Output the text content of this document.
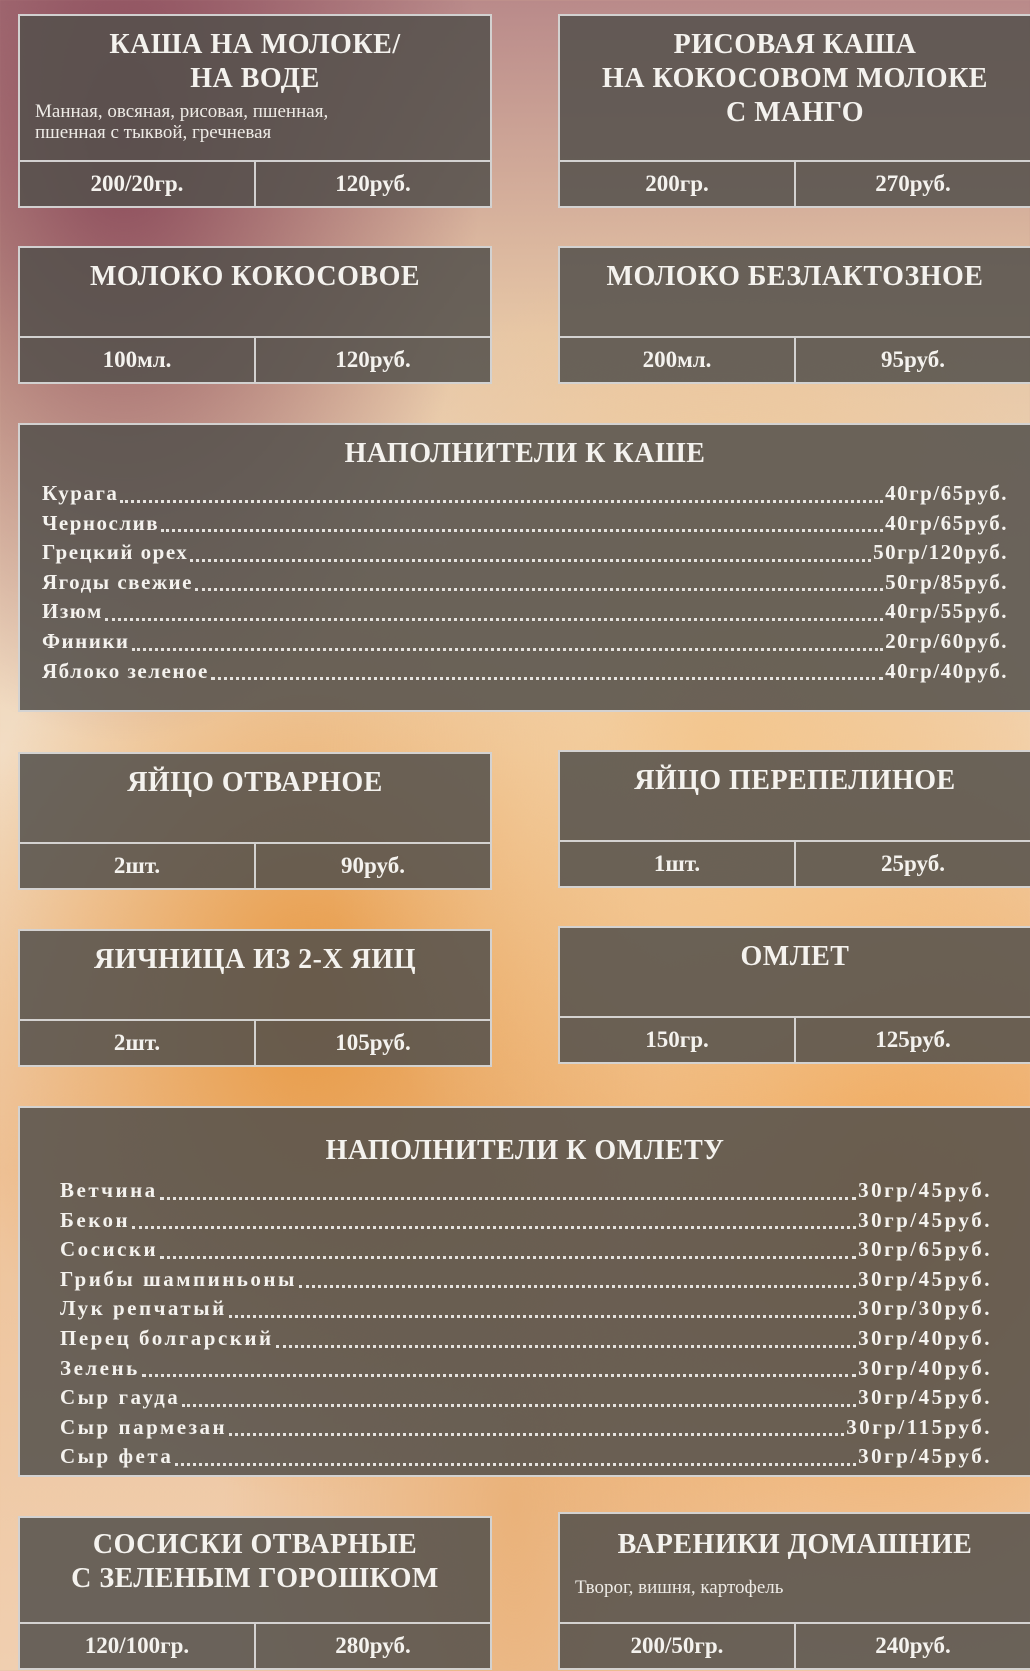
КАША НА МОЛОКЕ/
НА ВОДЕ
Манная, овсяная, рисовая, пшенная,
пшенная с тыквой, гречневая
200/20гр.	120руб.
РИСОВАЯ КАША
НА КОКОСОВОМ МОЛОКЕ
С МАНГО
200гр.	270руб.
МОЛОКО КОКОСОВОЕ
100мл.	120руб.
МОЛОКО БЕЗЛАКТОЗНОЕ
200мл.	95руб.
НАПОЛНИТЕЛИ К КАШЕ
Курага	40гр/65руб.
Чернослив	40гр/65руб.
Грецкий орех	50гр/120руб.
Ягоды свежие	50гр/85руб.
Изюм	40гр/55руб.
Финики	20гр/60руб.
Яблоко зеленое	40гр/40руб.
ЯЙЦО ОТВАРНОЕ
2шт.	90руб.
ЯЙЦО ПЕРЕПЕЛИНОЕ
1шт.	25руб.
ЯИЧНИЦА ИЗ 2-Х ЯИЦ
2шт.	105руб.
ОМЛЕТ
150гр.	125руб.
НАПОЛНИТЕЛИ К ОМЛЕТУ
Ветчина	30гр/45руб.
Бекон	30гр/45руб.
Сосиски	30гр/65руб.
Грибы шампиньоны	30гр/45руб.
Лук репчатый	30гр/30руб.
Перец болгарский	30гр/40руб.
Зелень	30гр/40руб.
Сыр гауда	30гр/45руб.
Сыр пармезан	30гр/115руб.
Сыр фета	30гр/45руб.
СОСИСКИ ОТВАРНЫЕ
С ЗЕЛЕНЫМ ГОРОШКОМ
120/100гр.	280руб.
ВАРЕНИКИ ДОМАШНИЕ
Творог, вишня, картофель
200/50гр.	240руб.
